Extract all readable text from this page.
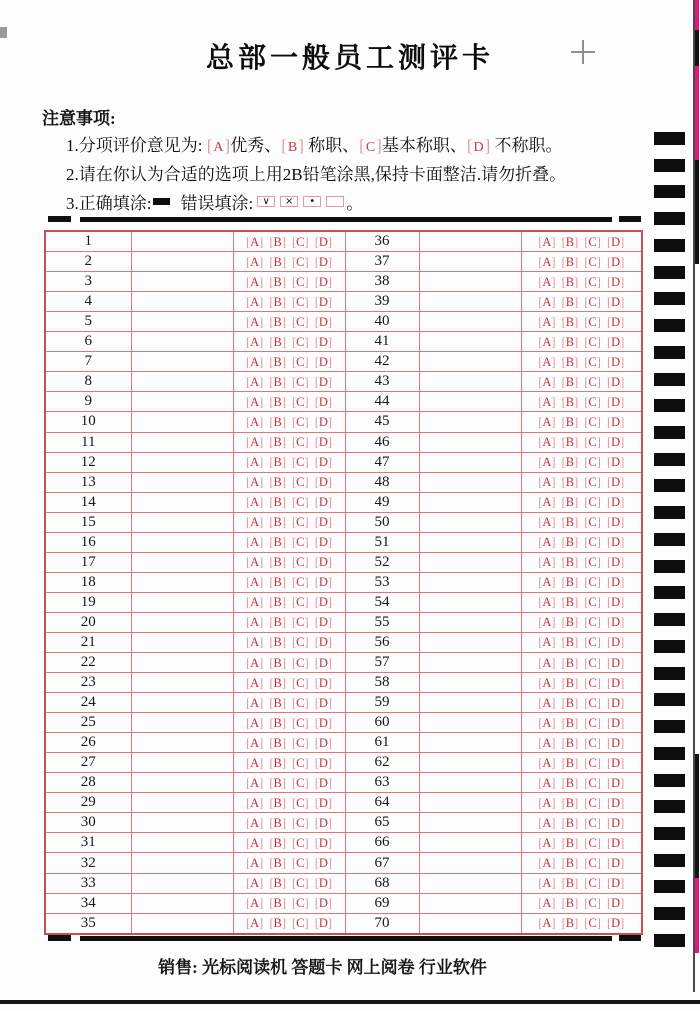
总部一般员工测评卡
注意事项:
1.分项评价意见为: [A]优秀、[B] 称职、[C]基本称职、[D] 不称职。
2.请在你认为合适的选项上用2B铅笔涂黑,保持卡面整洁.请勿折叠。
3.正确填涂: 错误填涂: ∨	×	•	。
1		[A] [B] [C] [D]	36		[A] [B] [C] [D]
2		[A] [B] [C] [D]	37		[A] [B] [C] [D]
3		[A] [B] [C] [D]	38		[A] [B] [C] [D]
4		[A] [B] [C] [D]	39		[A] [B] [C] [D]
5		[A] [B] [C] [D]	40		[A] [B] [C] [D]
6		[A] [B] [C] [D]	41		[A] [B] [C] [D]
7		[A] [B] [C] [D]	42		[A] [B] [C] [D]
8		[A] [B] [C] [D]	43		[A] [B] [C] [D]
9		[A] [B] [C] [D]	44		[A] [B] [C] [D]
10		[A] [B] [C] [D]	45		[A] [B] [C] [D]
11		[A] [B] [C] [D]	46		[A] [B] [C] [D]
12		[A] [B] [C] [D]	47		[A] [B] [C] [D]
13		[A] [B] [C] [D]	48		[A] [B] [C] [D]
14		[A] [B] [C] [D]	49		[A] [B] [C] [D]
15		[A] [B] [C] [D]	50		[A] [B] [C] [D]
16		[A] [B] [C] [D]	51		[A] [B] [C] [D]
17		[A] [B] [C] [D]	52		[A] [B] [C] [D]
18		[A] [B] [C] [D]	53		[A] [B] [C] [D]
19		[A] [B] [C] [D]	54		[A] [B] [C] [D]
20		[A] [B] [C] [D]	55		[A] [B] [C] [D]
21		[A] [B] [C] [D]	56		[A] [B] [C] [D]
22		[A] [B] [C] [D]	57		[A] [B] [C] [D]
23		[A] [B] [C] [D]	58		[A] [B] [C] [D]
24		[A] [B] [C] [D]	59		[A] [B] [C] [D]
25		[A] [B] [C] [D]	60		[A] [B] [C] [D]
26		[A] [B] [C] [D]	61		[A] [B] [C] [D]
27		[A] [B] [C] [D]	62		[A] [B] [C] [D]
28		[A] [B] [C] [D]	63		[A] [B] [C] [D]
29		[A] [B] [C] [D]	64		[A] [B] [C] [D]
30		[A] [B] [C] [D]	65		[A] [B] [C] [D]
31		[A] [B] [C] [D]	66		[A] [B] [C] [D]
32		[A] [B] [C] [D]	67		[A] [B] [C] [D]
33		[A] [B] [C] [D]	68		[A] [B] [C] [D]
34		[A] [B] [C] [D]	69		[A] [B] [C] [D]
35		[A] [B] [C] [D]	70		[A] [B] [C] [D]
销售: 光标阅读机 答题卡 网上阅卷 行业软件
